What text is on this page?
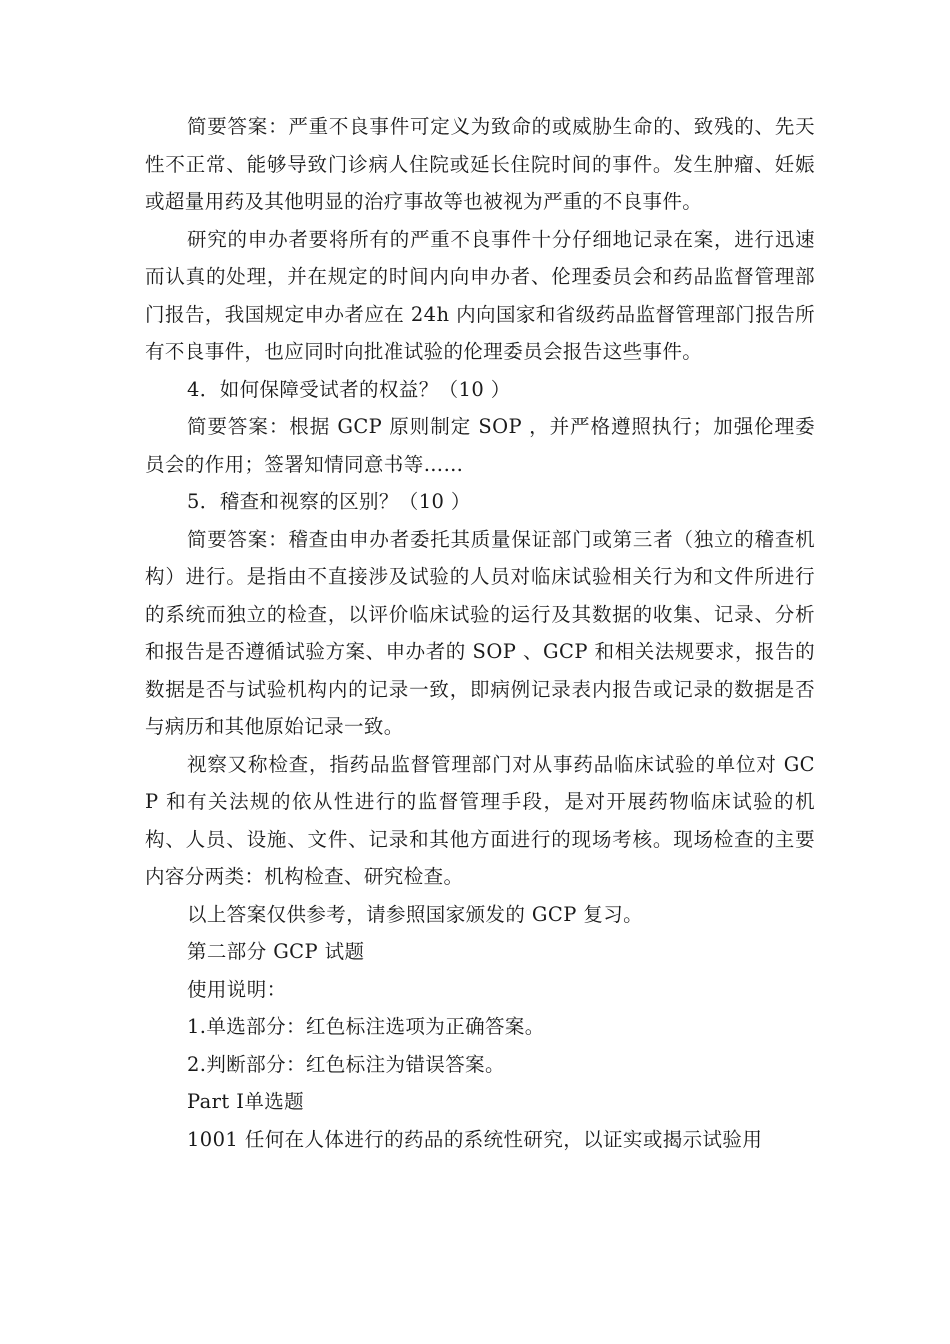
简要答案：严重不良事件可定义为致命的或威胁生命的、致残的、先天性不正常、能够导致门诊病人住院或延长住院时间的事件。发生肿瘤、妊娠或超量用药及其他明显的治疗事故等也被视为严重的不良事件。

研究的申办者要将所有的严重不良事件十分仔细地记录在案，进行迅速而认真的处理，并在规定的时间内向申办者、伦理委员会和药品监督管理部门报告，我国规定申办者应在 24h 内向国家和省级药品监督管理部门报告所有不良事件，也应同时向批准试验的伦理委员会报告这些事件。

4．如何保障受试者的权益？（10 ）

简要答案：根据 GCP 原则制定 SOP ，并严格遵照执行；加强伦理委员会的作用；签署知情同意书等……

5．稽查和视察的区别？（10 ）

简要答案：稽查由申办者委托其质量保证部门或第三者（独立的稽查机构）进行。是指由不直接涉及试验的人员对临床试验相关行为和文件所进行的系统而独立的检查，以评价临床试验的运行及其数据的收集、记录、分析和报告是否遵循试验方案、申办者的 SOP 、GCP 和相关法规要求，报告的数据是否与试验机构内的记录一致，即病例记录表内报告或记录的数据是否与病历和其他原始记录一致。

视察又称检查，指药品监督管理部门对从事药品临床试验的单位对 GCP 和有关法规的依从性进行的监督管理手段，是对开展药物临床试验的机构、人员、设施、文件、记录和其他方面进行的现场考核。现场检查的主要内容分两类：机构检查、研究检查。

以上答案仅供参考，请参照国家颁发的 GCP 复习。

第二部分 GCP 试题

使用说明：

1.单选部分：红色标注选项为正确答案。

2.判断部分：红色标注为错误答案。

Part Ⅰ单选题

1001 任何在人体进行的药品的系统性研究，以证实或揭示试验用
